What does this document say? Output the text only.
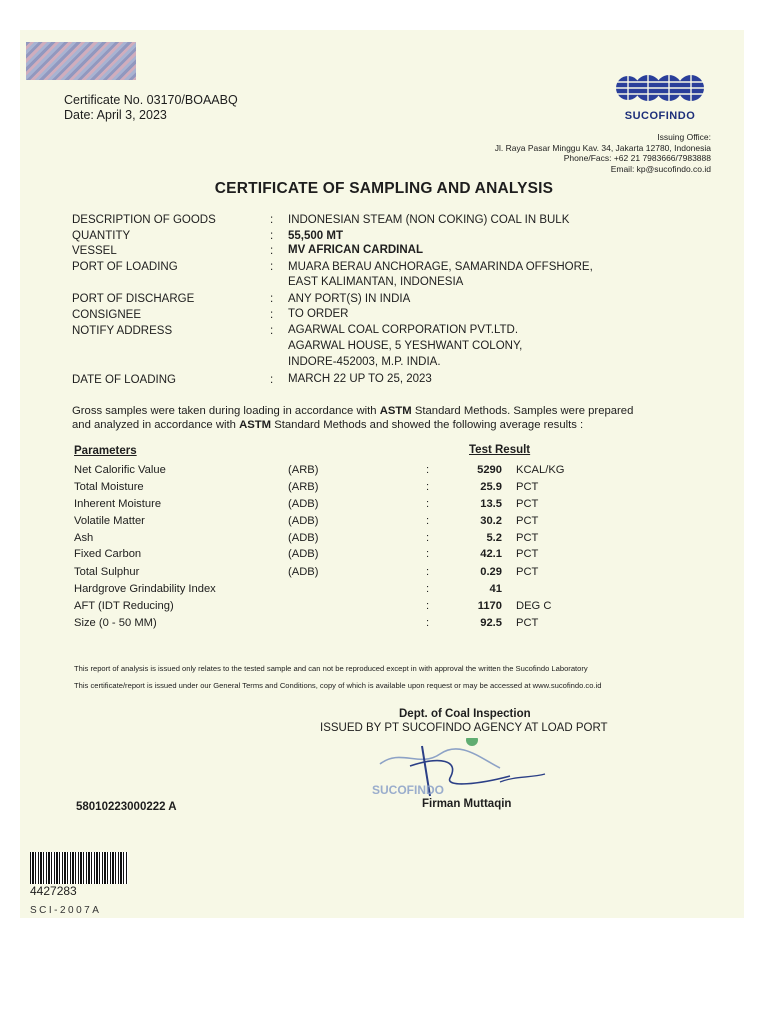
Certificate No. 03170/BOAABQ
Date: April 3, 2023	SUCOFINDO
Issuing Office:
Jl. Raya Pasar Minggu Kav. 34, Jakarta 12780, Indonesia
Phone/Facs: +62 21 7983666/7983888
Email: kp@sucofindo.co.id
CERTIFICATE OF SAMPLING AND ANALYSIS
DESCRIPTION OF GOODS	: INDONESIAN STEAM (NON COKING) COAL IN BULK
QUANTITY	: 55,500 MT
VESSEL	: MV AFRICAN CARDINAL
PORT OF LOADING	: MUARA BERAU ANCHORAGE, SAMARINDA OFFSHORE,
EAST KALIMANTAN, INDONESIA
PORT OF DISCHARGE	: ANY PORT(S) IN INDIA
CONSIGNEE	: TO ORDER
NOTIFY ADDRESS	: AGARWAL COAL CORPORATION PVT.LTD.
AGARWAL HOUSE, 5 YESHWANT COLONY,
INDORE-452003, M.P. INDIA.
DATE OF LOADING	: MARCH 22 UP TO 25, 2023
Gross samples were taken during loading in accordance with ASTM Standard Methods. Samples were prepared
and analyzed in accordance with ASTM Standard Methods and showed the following average results :
Parameters	Test Result
Net Calorific Value	(ARB)	:	5290 KCAL/KG
Total Moisture	(ARB)	:	25.9 PCT
Inherent Moisture	(ADB)	:	13.5 PCT
Volatile Matter	(ADB)	:	30.2 PCT
Ash	(ADB)	:	5.2 PCT
Fixed Carbon	(ADB)	:	42.1 PCT
Total Sulphur	(ADB)	:	0.29 PCT
Hardgrove Grindability Index	:	41
AFT (IDT Reducing)	:	1170 DEG C
Size (0 - 50 MM)	:	92.5 PCT
This report of analysis is issued only relates to the tested sample and can not be reproduced except in with approval the written the Sucofindo Laboratory
This certificate/report is issued under our General Terms and Conditions, copy of which is available upon request or may be accessed at www.sucofindo.co.id
Dept. of Coal Inspection
ISSUED BY PT SUCOFINDO AGENCY AT LOAD PORT
SUCOFINDO
Firman Muttaqin
58010223000222 A
4427283
SCI-2007A
